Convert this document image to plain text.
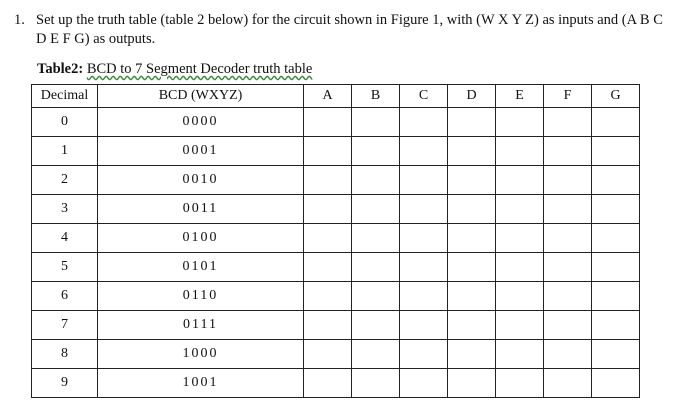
1. Set up the truth table (table 2 below) for the circuit shown in Figure 1, with (W X Y Z) as inputs and (A B C D E F G) as outputs.
Table2: BCD to 7 Segment Decoder truth table
Decimal	BCD (WXYZ)	A	B	C	D	E	F	G
0	0000							
1	0001							
2	0010							
3	0011							
4	0100							
5	0101							
6	0110							
7	0111							
8	1000							
9	1001							
